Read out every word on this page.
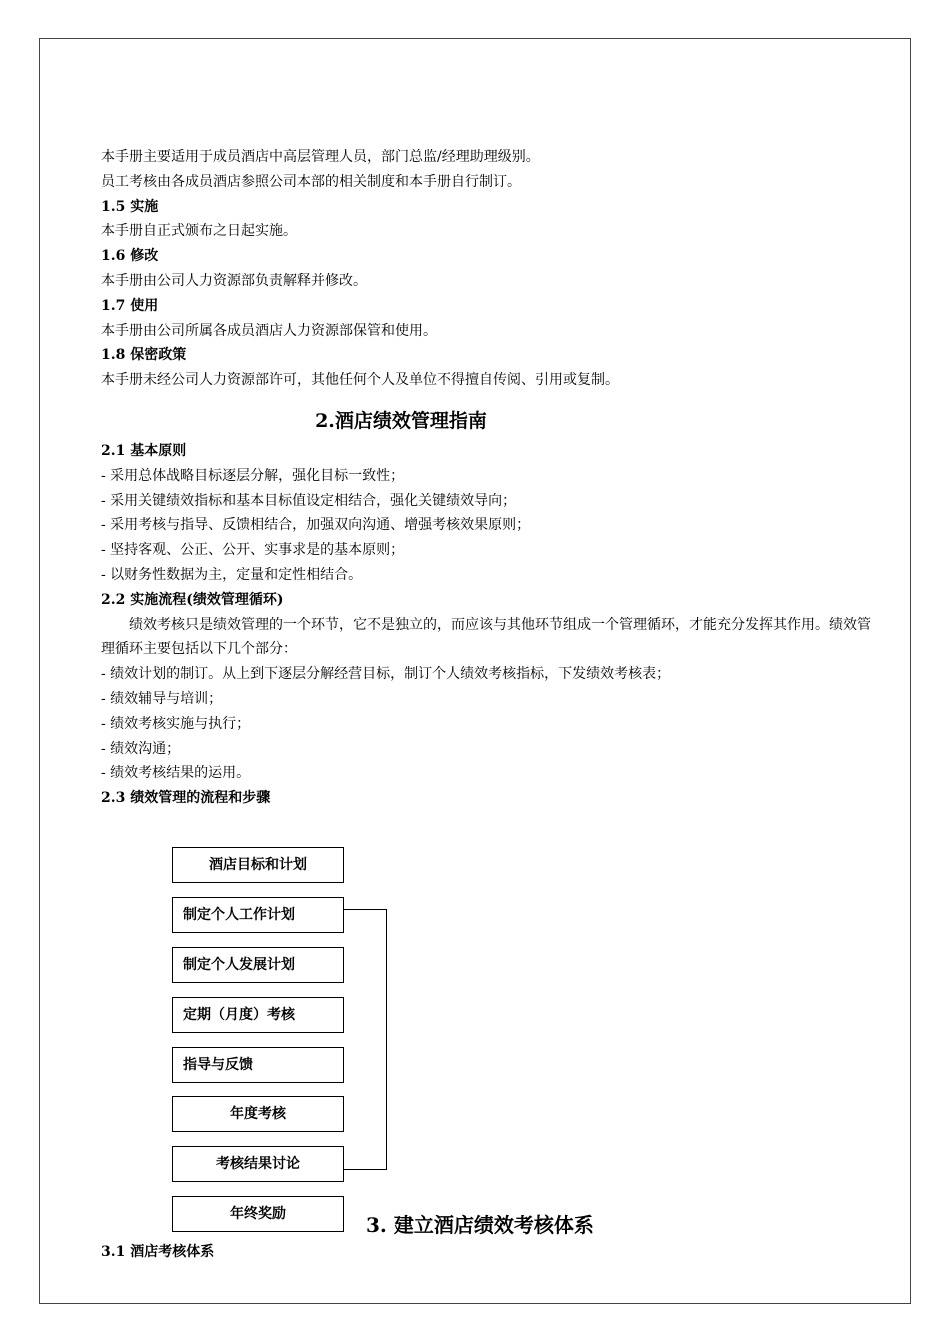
本手册主要适用于成员酒店中高层管理人员，部门总监/经理助理级别。
员工考核由各成员酒店参照公司本部的相关制度和本手册自行制订。
1.5 实施
本手册自正式颁布之日起实施。
1.6 修改
本手册由公司人力资源部负责解释并修改。
1.7 使用
本手册由公司所属各成员酒店人力资源部保管和使用。
1.8 保密政策
本手册未经公司人力资源部许可，其他任何个人及单位不得擅自传阅、引用或复制。
2.酒店绩效管理指南
2.1 基本原则
- 采用总体战略目标逐层分解，强化目标一致性；
- 采用关键绩效指标和基本目标值设定相结合，强化关键绩效导向；
- 采用考核与指导、反馈相结合，加强双向沟通、增强考核效果原则；
- 坚持客观、公正、公开、实事求是的基本原则；
- 以财务性数据为主，定量和定性相结合。
2.2 实施流程(绩效管理循环)
绩效考核只是绩效管理的一个环节，它不是独立的，而应该与其他环节组成一个管理循环，才能充分发挥其作用。绩效管理循环主要包括以下几个部分：
- 绩效计划的制订。从上到下逐层分解经营目标，制订个人绩效考核指标，下发绩效考核表；
- 绩效辅导与培训；
- 绩效考核实施与执行；
- 绩效沟通；
- 绩效考核结果的运用。
2.3 绩效管理的流程和步骤
酒店目标和计划
制定个人工作计划
制定个人发展计划
定期（月度）考核
指导与反馈
年度考核
考核结果讨论
年终奖励	3. 建立酒店绩效考核体系
3.1 酒店考核体系
